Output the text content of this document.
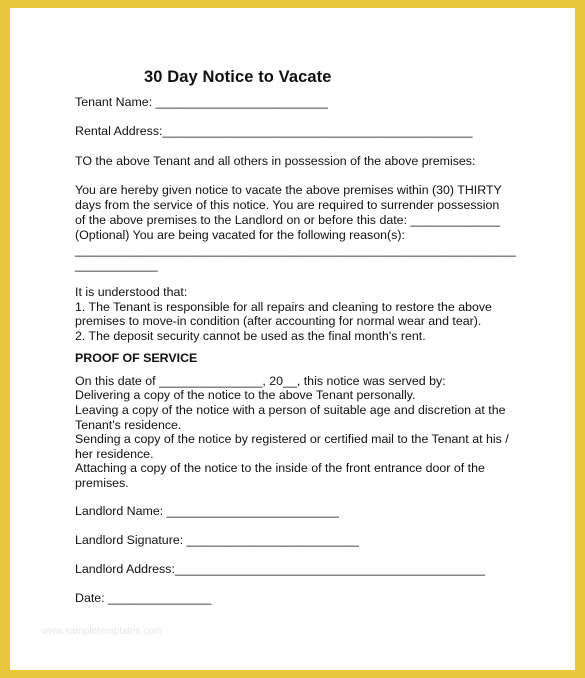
30 Day Notice to Vacate
Tenant Name: _________________________
Rental Address:_____________________________________________
TO the above Tenant and all others in possession of the above premises:
You are hereby given notice to vacate the above premises within (30) THIRTY
days from the service of this notice. You are required to surrender possession
of the above premises to the Landlord on or before this date: _____________
(Optional) You are being vacated for the following reason(s):
________________________________________________________________
____________
It is understood that:
1. The Tenant is responsible for all repairs and cleaning to restore the above
premises to move-in condition (after accounting for normal wear and tear).
2. The deposit security cannot be used as the final month's rent.
PROOF OF SERVICE
On this date of _______________, 20__, this notice was served by:
Delivering a copy of the notice to the above Tenant personally.
Leaving a copy of the notice with a person of suitable age and discretion at the
Tenant's residence.
Sending a copy of the notice by registered or certified mail to the Tenant at his /
her residence.
Attaching a copy of the notice to the inside of the front entrance door of the
premises.
Landlord Name: _________________________
Landlord Signature: _________________________
Landlord Address:_____________________________________________
Date: _______________
www.sampletemplates.com
